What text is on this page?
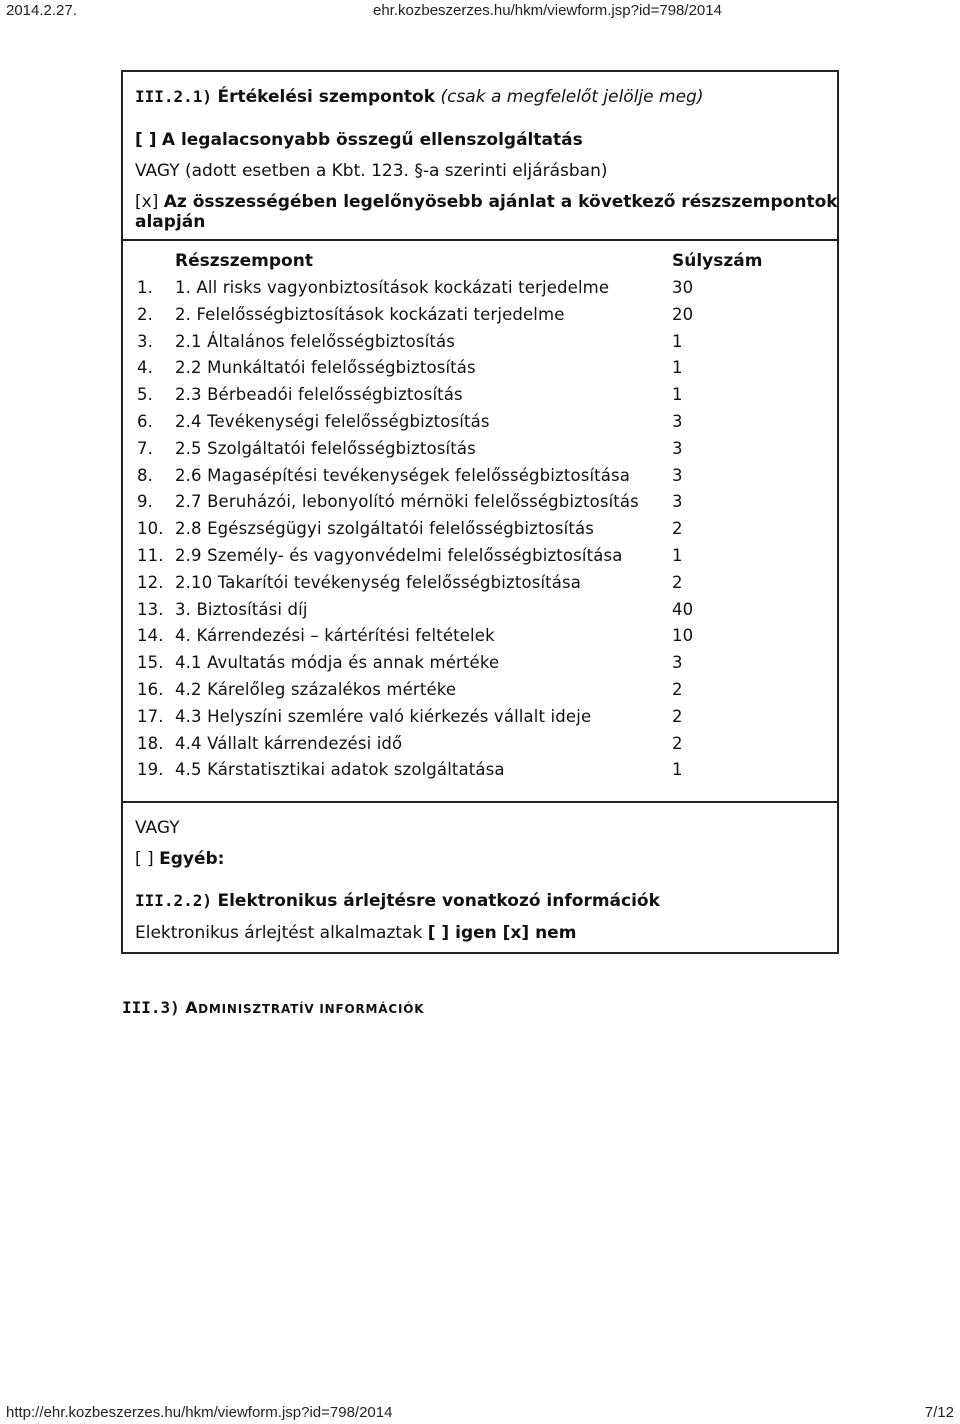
2014.2.27.	ehr.kozbeszerzes.hu/hkm/viewform.jsp?id=798/2014
III.2.1) Értékelési szempontok (csak a megfelelőt jelölje meg)
[ ] A legalacsonyabb összegű ellenszolgáltatás
VAGY (adott esetben a Kbt. 123. §-a szerinti eljárásban)
[x] Az összességében legelőnyösebb ajánlat a következő részszempontok
alapján
Részszempont	Súlyszám
1. 1. All risks vagyonbiztosítások kockázati terjedelme	30
2. 2. Felelősségbiztosítások kockázati terjedelme	20
3. 2.1 Általános felelősségbiztosítás	1
4. 2.2 Munkáltatói felelősségbiztosítás	1
5. 2.3 Bérbeadói felelősségbiztosítás	1
6. 2.4 Tevékenységi felelősségbiztosítás	3
7. 2.5 Szolgáltatói felelősségbiztosítás	3
8. 2.6 Magasépítési tevékenységek felelősségbiztosítása	3
9. 2.7 Beruházói, lebonyolító mérnöki felelősségbiztosítás 3
10. 2.8 Egészségügyi szolgáltatói felelősségbiztosítás	2
11. 2.9 Személy- és vagyonvédelmi felelősségbiztosítása	1
12. 2.10 Takarítói tevékenység felelősségbiztosítása	2
13. 3. Biztosítási díj	40
14. 4. Kárrendezési – kártérítési feltételek	10
15. 4.1 Avultatás módja és annak mértéke	3
16. 4.2 Kárelőleg százalékos mértéke	2
17. 4.3 Helyszíni szemlére való kiérkezés vállalt ideje	2
18. 4.4 Vállalt kárrendezési idő	2
19. 4.5 Kárstatisztikai adatok szolgáltatása	1
VAGY
[ ] Egyéb:
III.2.2) Elektronikus árlejtésre vonatkozó információk
Elektronikus árlejtést alkalmaztak [ ] igen [x] nem
III.3) ADMINISZTRATÍV INFORMÁCIÓK
http://ehr.kozbeszerzes.hu/hkm/viewform.jsp?id=798/2014	7/12
